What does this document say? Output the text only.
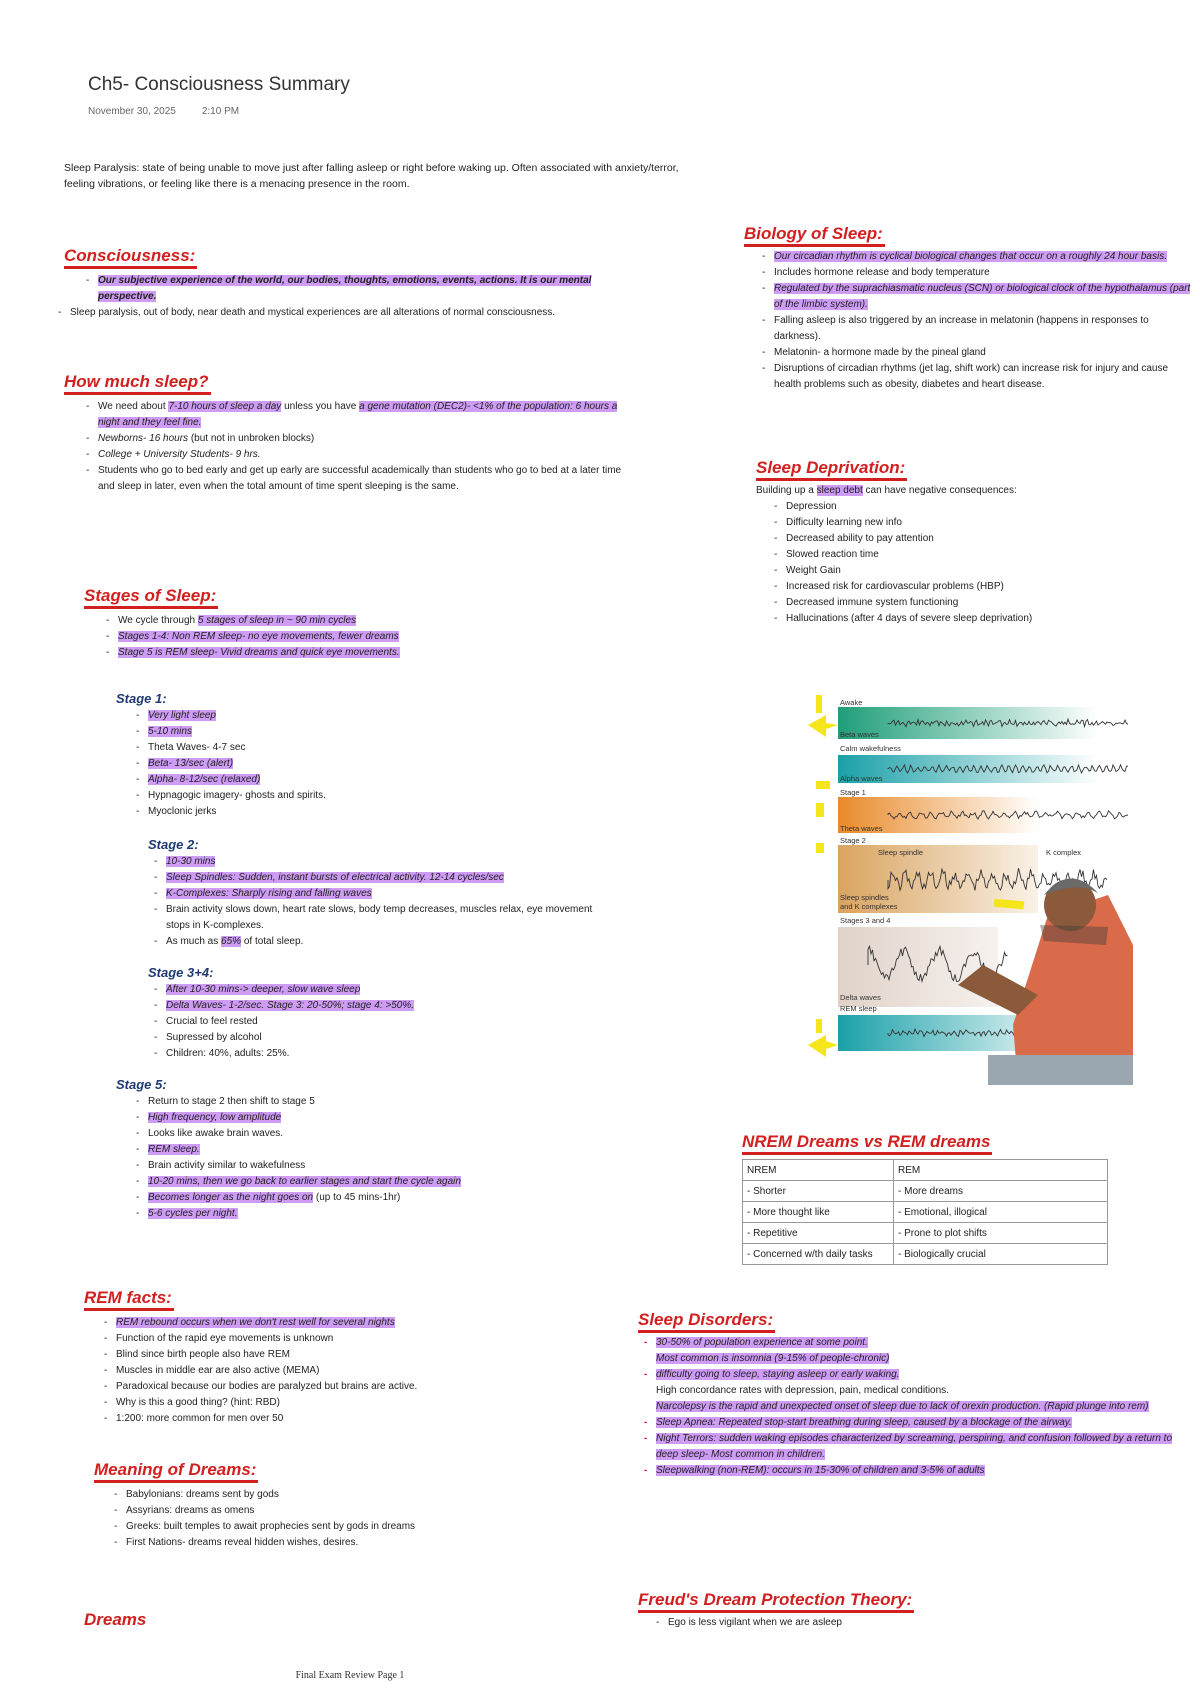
Ch5- Consciousness Summary
November 30, 2025	2:10 PM
Sleep Paralysis: state of being unable to move just after falling asleep or right before waking up. Often associated with anxiety/terror, feeling vibrations, or feeling like there is a menacing presence in the room.
Consciousness:
- Our subjective experience of the world, our bodies, thoughts, emotions, events, actions. It is our mental perspective.
- Sleep paralysis, out of body, near death and mystical experiences are all alterations of normal consciousness.
How much sleep?
- We need about 7-10 hours of sleep a day unless you have a gene mutation (DEC2)- <1% of the population: 6 hours a night and they feel fine.
- Newborns- 16 hours (but not in unbroken blocks)
- College + University Students- 9 hrs.
- Students who go to bed early and get up early are successful academically than students who go to bed at a later time and sleep in later, even when the total amount of time spent sleeping is the same.
Stages of Sleep:
- We cycle through 5 stages of sleep in ~ 90 min cycles
- Stages 1-4: Non REM sleep- no eye movements, fewer dreams
- Stage 5 is REM sleep- Vivid dreams and quick eye movements.
Stage 1:
- Very light sleep
- 5-10 mins
- Theta Waves- 4-7 sec
- Beta- 13/sec (alert)
- Alpha- 8-12/sec (relaxed)
- Hypnagogic imagery- ghosts and spirits.
- Myoclonic jerks
Stage 2:
- 10-30 mins
- Sleep Spindles: Sudden, instant bursts of electrical activity. 12-14 cycles/sec
- K-Complexes: Sharply rising and falling waves
- Brain activity slows down, heart rate slows, body temp decreases, muscles relax, eye movement stops in K-complexes.
- As much as 65% of total sleep.
Stage 3+4:
- After 10-30 mins-> deeper, slow wave sleep
- Delta Waves- 1-2/sec. Stage 3: 20-50%; stage 4: >50%.
- Crucial to feel rested
- Supressed by alcohol
- Children: 40%, adults: 25%.
Stage 5:
- Return to stage 2 then shift to stage 5
- High frequency, low amplitude
- Looks like awake brain waves.
- REM sleep.
- Brain activity similar to wakefulness
- 10-20 mins, then we go back to earlier stages and start the cycle again
- Becomes longer as the night goes on (up to 45 mins-1hr)
- 5-6 cycles per night.
REM facts:
- REM rebound occurs when we don't rest well for several nights
- Function of the rapid eye movements is unknown
- Blind since birth people also have REM
- Muscles in middle ear are also active (MEMA)
- Paradoxical because our bodies are paralyzed but brains are active.
- Why is this a good thing? (hint: RBD)
- 1:200: more common for men over 50
Meaning of Dreams:
- Babylonians: dreams sent by gods
- Assyrians: dreams as omens
- Greeks: built temples to await prophecies sent by gods in dreams
- First Nations- dreams reveal hidden wishes, desires.
Dreams
Biology of Sleep:
- Our circadian rhythm is cyclical biological changes that occur on a roughly 24 hour basis.
- Includes hormone release and body temperature
- Regulated by the suprachiasmatic nucleus (SCN) or biological clock of the hypothalamus (part of the limbic system).
- Falling asleep is also triggered by an increase in melatonin (happens in responses to darkness).
- Melatonin- a hormone made by the pineal gland
- Disruptions of circadian rhythms (jet lag, shift work) can increase risk for injury and cause health problems such as obesity, diabetes and heart disease.
Sleep Deprivation:
Building up a sleep debt can have negative consequences:
- Depression
- Difficulty learning new info
- Decreased ability to pay attention
- Slowed reaction time
- Weight Gain
- Increased risk for cardiovascular problems (HBP)
- Decreased immune system functioning
- Hallucinations (after 4 days of severe sleep deprivation)
Awake
Beta waves
Calm wakefulness
Alpha waves
Stage 1
Theta waves
Stage 2
Sleep spindle	K complex
Sleep spindles
and K complexes
Stages 3 and 4
Delta waves
REM sleep
NREM Dreams vs REM dreams
NREM	REM
- Shorter	- More dreams
- More thought like	- Emotional, illogical
- Repetitive	- Prone to plot shifts
- Concerned w/th daily tasks	- Biologically crucial
Sleep Disorders:
- 30-50% of population experience at some point.
Most common is insomnia (9-15% of people-chronic)
- difficulty going to sleep, staying asleep or early waking.
High concordance rates with depression, pain, medical conditions.
Narcolepsy is the rapid and unexpected onset of sleep due to lack of orexin production. (Rapid plunge into rem)
- Sleep Apnea: Repeated stop-start breathing during sleep, caused by a blockage of the airway.
- Night Terrors: sudden waking episodes characterized by screaming, perspiring, and confusion followed by a return to deep sleep- Most common in children.
- Sleepwalking (non-REM): occurs in 15-30% of children and 3-5% of adults
Freud's Dream Protection Theory:
- Ego is less vigilant when we are asleep
Final Exam Review Page 1
